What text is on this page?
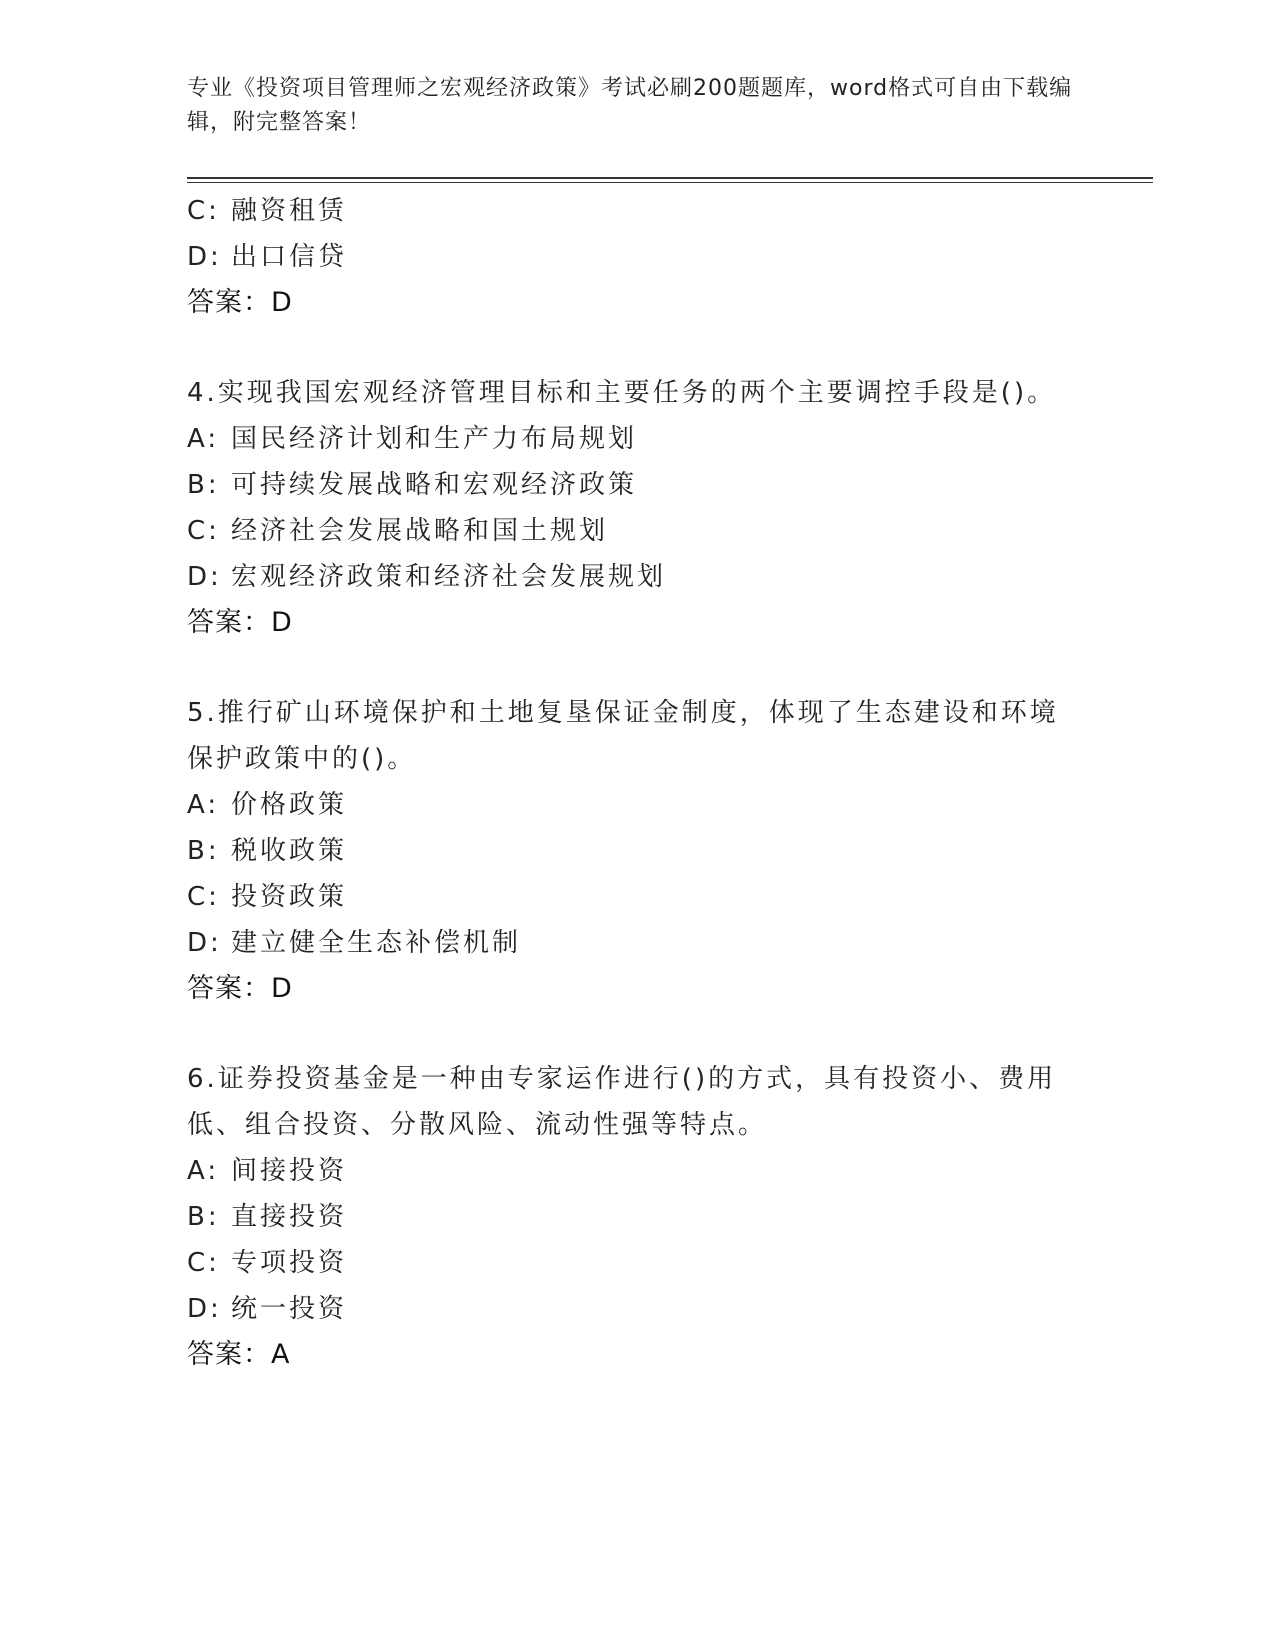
专业《投资项目管理师之宏观经济政策》考试必刷200题题库，word格式可自由下载编辑，附完整答案！
C: 融资租赁
D: 出口信贷
答案：D
4.实现我国宏观经济管理目标和主要任务的两个主要调控手段是()。
A: 国民经济计划和生产力布局规划
B: 可持续发展战略和宏观经济政策
C: 经济社会发展战略和国土规划
D: 宏观经济政策和经济社会发展规划
答案：D
5.推行矿山环境保护和土地复垦保证金制度，体现了生态建设和环境保护政策中的()。
A: 价格政策
B: 税收政策
C: 投资政策
D: 建立健全生态补偿机制
答案：D
6.证券投资基金是一种由专家运作进行()的方式，具有投资小、费用低、组合投资、分散风险、流动性强等特点。
A: 间接投资
B: 直接投资
C: 专项投资
D: 统一投资
答案：A
